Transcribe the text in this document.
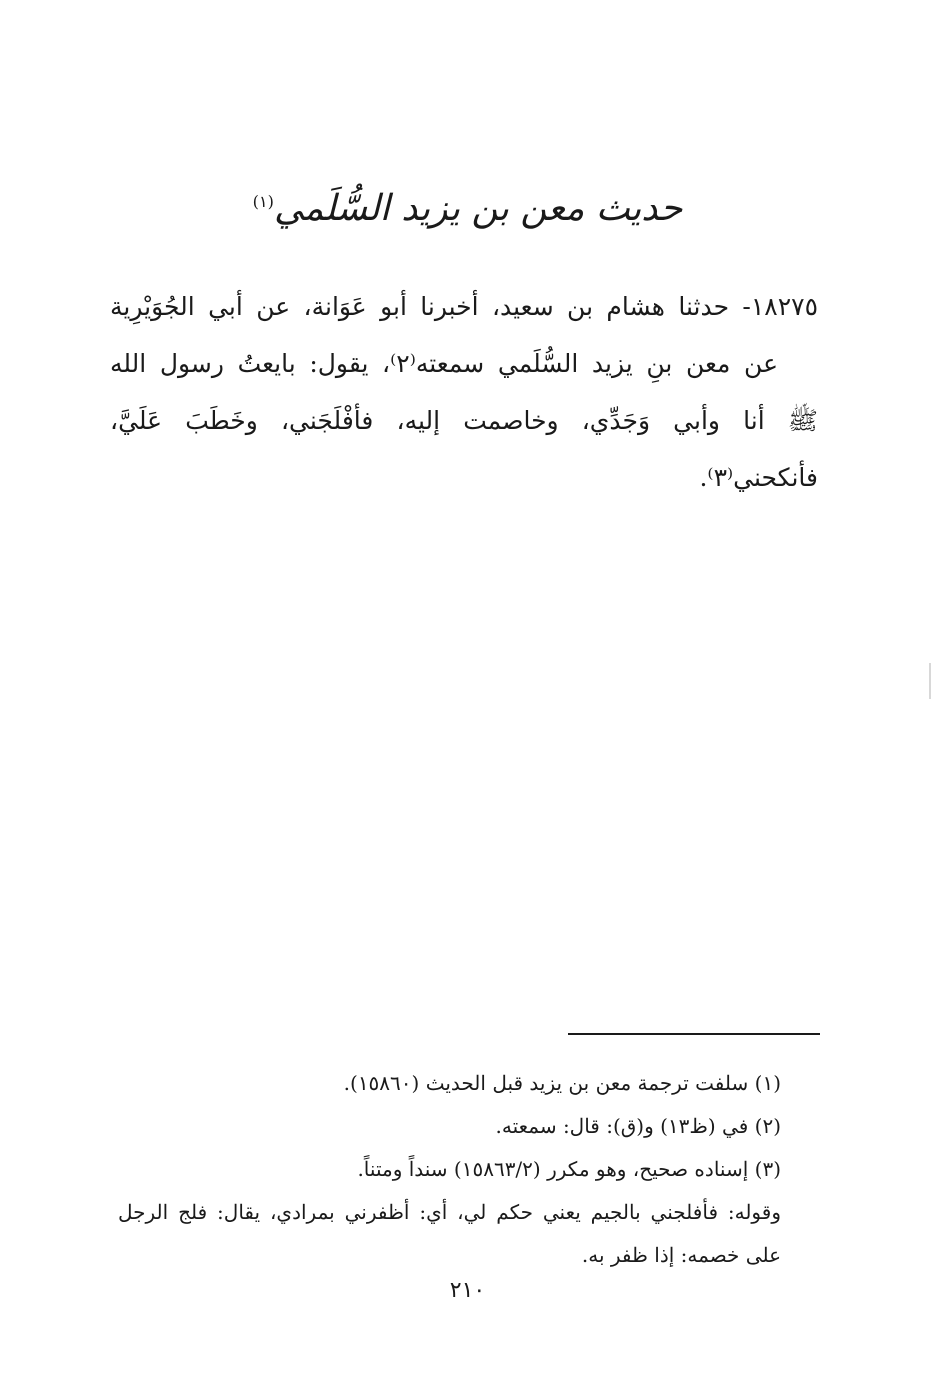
حديث معن بن يزيد السُّلَمي$^{(١)}$
١٨٢٧٥- حدثنا هشام بن سعيد، أخبرنا أبو عَوَانة، عن أبي الجُوَيْرِية
عن معن بنِ يزيد السُّلَمي سمعته⁽٢⁾، يقول: بايعتُ رسول الله
ﷺ أنا وأبي وَجَدِّي، وخاصمت إليه، فأفْلَجَني، وخَطَبَ عَلَيَّ،
فأنكحني⁽٣⁾.
(١) سلفت ترجمة معن بن يزيد قبل الحديث (١٥٨٦٠).
(٢) في (ظ١٣) و(ق): قال: سمعته.
(٣) إسناده صحيح، وهو مكرر (١٥٨٦٣/٢) سنداً ومتناً.
وقوله: فأفلجني بالجيم يعني حكم لي، أي: أظفرني بمرادي، يقال: فلج الرجل على خصمه: إذا ظفر به.
٢١٠
